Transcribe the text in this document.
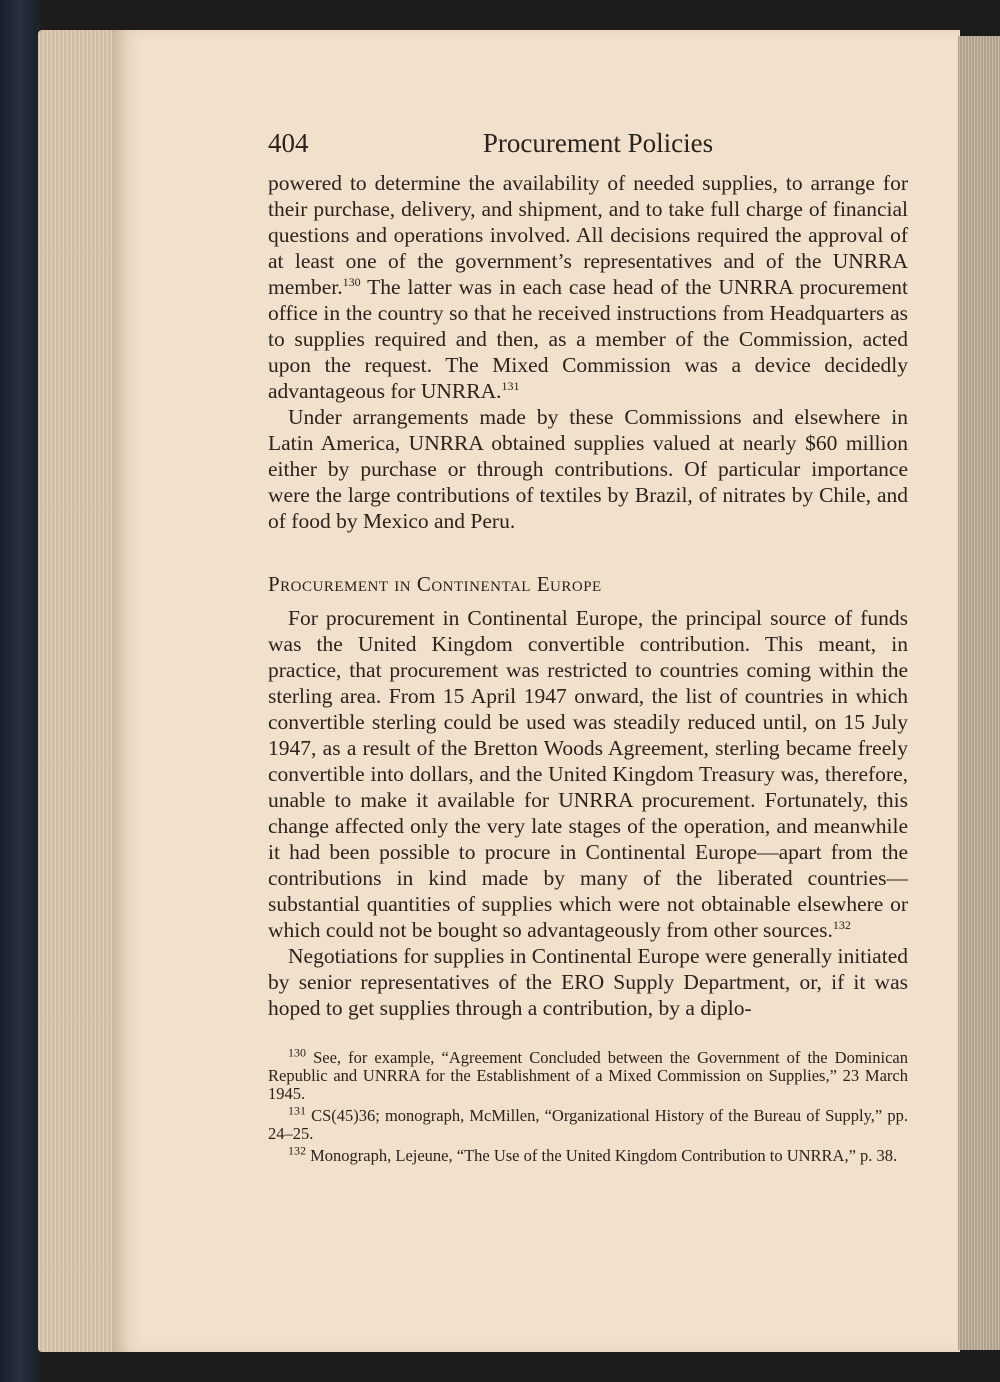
404	Procurement Policies

powered to determine the availability of needed supplies, to arrange for their purchase, delivery, and shipment, and to take full charge of financial questions and operations involved. All decisions required the approval of at least one of the government’s representatives and of the UNRRA member.$^{130}$ The latter was in each case head of the UNRRA procurement office in the country so that he received instructions from Headquarters as to supplies required and then, as a member of the Commission, acted upon the request. The Mixed Commission was a device decidedly advantageous for UNRRA.$^{131}$

Under arrangements made by these Commissions and elsewhere in Latin America, UNRRA obtained supplies valued at nearly $60 million either by purchase or through contributions. Of particular importance were the large contributions of textiles by Brazil, of nitrates by Chile, and of food by Mexico and Peru.

Procurement in Continental Europe

For procurement in Continental Europe, the principal source of funds was the United Kingdom convertible contribution. This meant, in practice, that procurement was restricted to countries coming within the sterling area. From 15 April 1947 onward, the list of countries in which convertible sterling could be used was steadily reduced until, on 15 July 1947, as a result of the Bretton Woods Agreement, sterling became freely convertible into dollars, and the United Kingdom Treasury was, therefore, unable to make it available for UNRRA procurement. Fortunately, this change affected only the very late stages of the operation, and meanwhile it had been possible to procure in Continental Europe—apart from the contributions in kind made by many of the liberated countries—substantial quantities of supplies which were not obtainable elsewhere or which could not be bought so advantageously from other sources.$^{132}$

Negotiations for supplies in Continental Europe were generally initiated by senior representatives of the ERO Supply Department, or, if it was hoped to get supplies through a contribution, by a diplo-

$^{130}$ See, for example, “Agreement Concluded between the Government of the Dominican Republic and UNRRA for the Establishment of a Mixed Commission on Supplies,” 23 March 1945.

$^{131}$ CS(45)36; monograph, McMillen, “Organizational History of the Bureau of Supply,” pp. 24–25.

$^{132}$ Monograph, Lejeune, “The Use of the United Kingdom Contribution to UNRRA,” p. 38.
